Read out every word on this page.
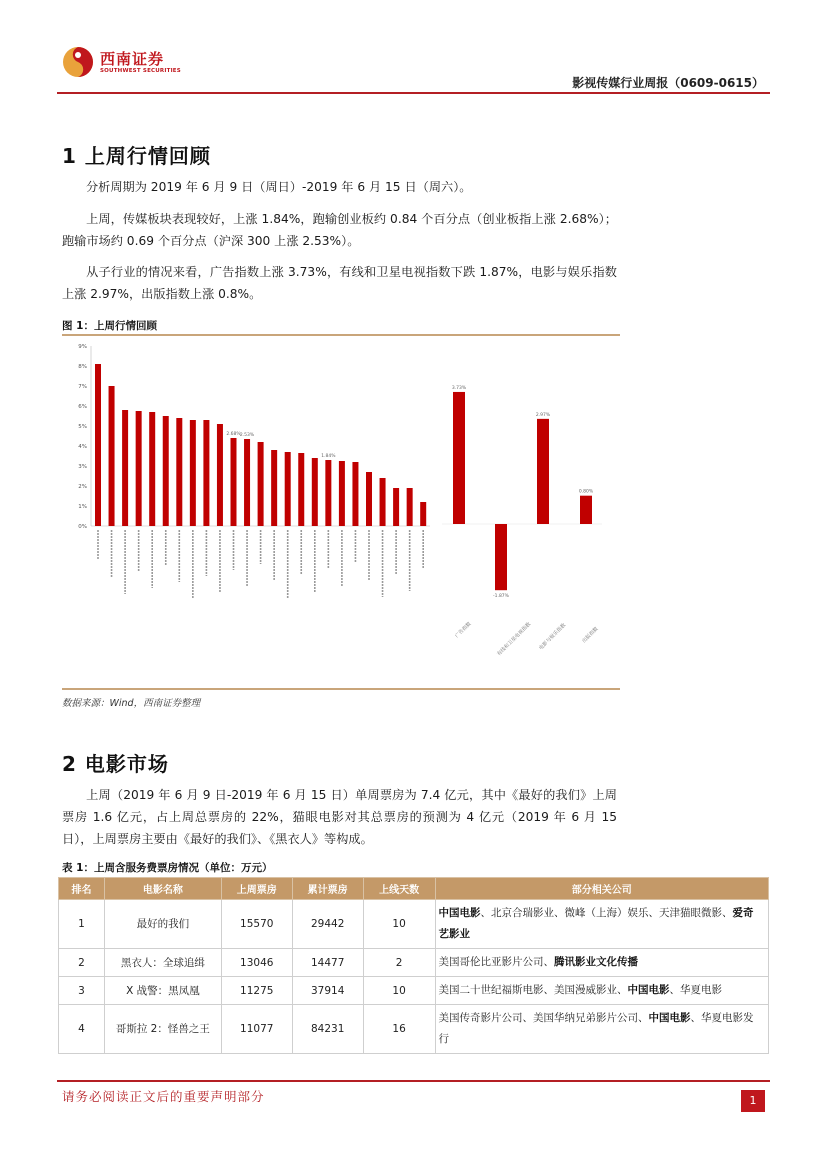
西南证券
SOUTHWEST SECURITIES
影视传媒行业周报（0609-0615）
1 上周行情回顾
分析周期为 2019 年 6 月 9 日（周日）-2019 年 6 月 15 日（周六）。
上周，传媒板块表现较好，上涨 1.84%，跑输创业板约 0.84 个百分点（创业板指上涨 2.68%）；跑输市场约 0.69 个百分点（沪深 300 上涨 2.53%）。
从子行业的情况来看，广告指数上涨 3.73%，有线和卫星电视指数下跌 1.87%，电影与娱乐指数上涨 2.97%，出版指数上涨 0.8%。
图 1：上周行情回顾
0%
1%
2%
3%
4%
5%
6%
7%
8%
9%
2.68% 2.53%
1.84%
3.73%
-1.87%
2.97%
0.80%
广告指数	有线和卫星电视指数 电影与娱乐指数	出版指数
数据来源：Wind，西南证券整理
2 电影市场
上周（2019 年 6 月 9 日-2019 年 6 月 15 日）单周票房为 7.4 亿元，其中《最好的我们》上周票房 1.6 亿元，占上周总票房的 22%，猫眼电影对其总票房的预测为 4 亿元（2019 年 6 月 15 日），上周票房主要由《最好的我们》、《黑衣人》等构成。
表 1：上周含服务费票房情况（单位：万元）
排名	电影名称	上周票房	累计票房	上线天数	部分相关公司
1	最好的我们	15570	29442	10	中国电影、北京合瑞影业、微峰（上海）娱乐、天津猫眼微影、爱奇艺影业
2	黑衣人：全球追缉	13046	14477	2	美国哥伦比亚影片公司、腾讯影业文化传播
3	X 战警：黑凤凰	11275	37914	10	美国二十世纪福斯电影、美国漫威影业、中国电影、华夏电影
4	哥斯拉 2：怪兽之王	11077	84231	16	美国传奇影片公司、美国华纳兄弟影片公司、中国电影、华夏电影发行
请务必阅读正文后的重要声明部分	1
